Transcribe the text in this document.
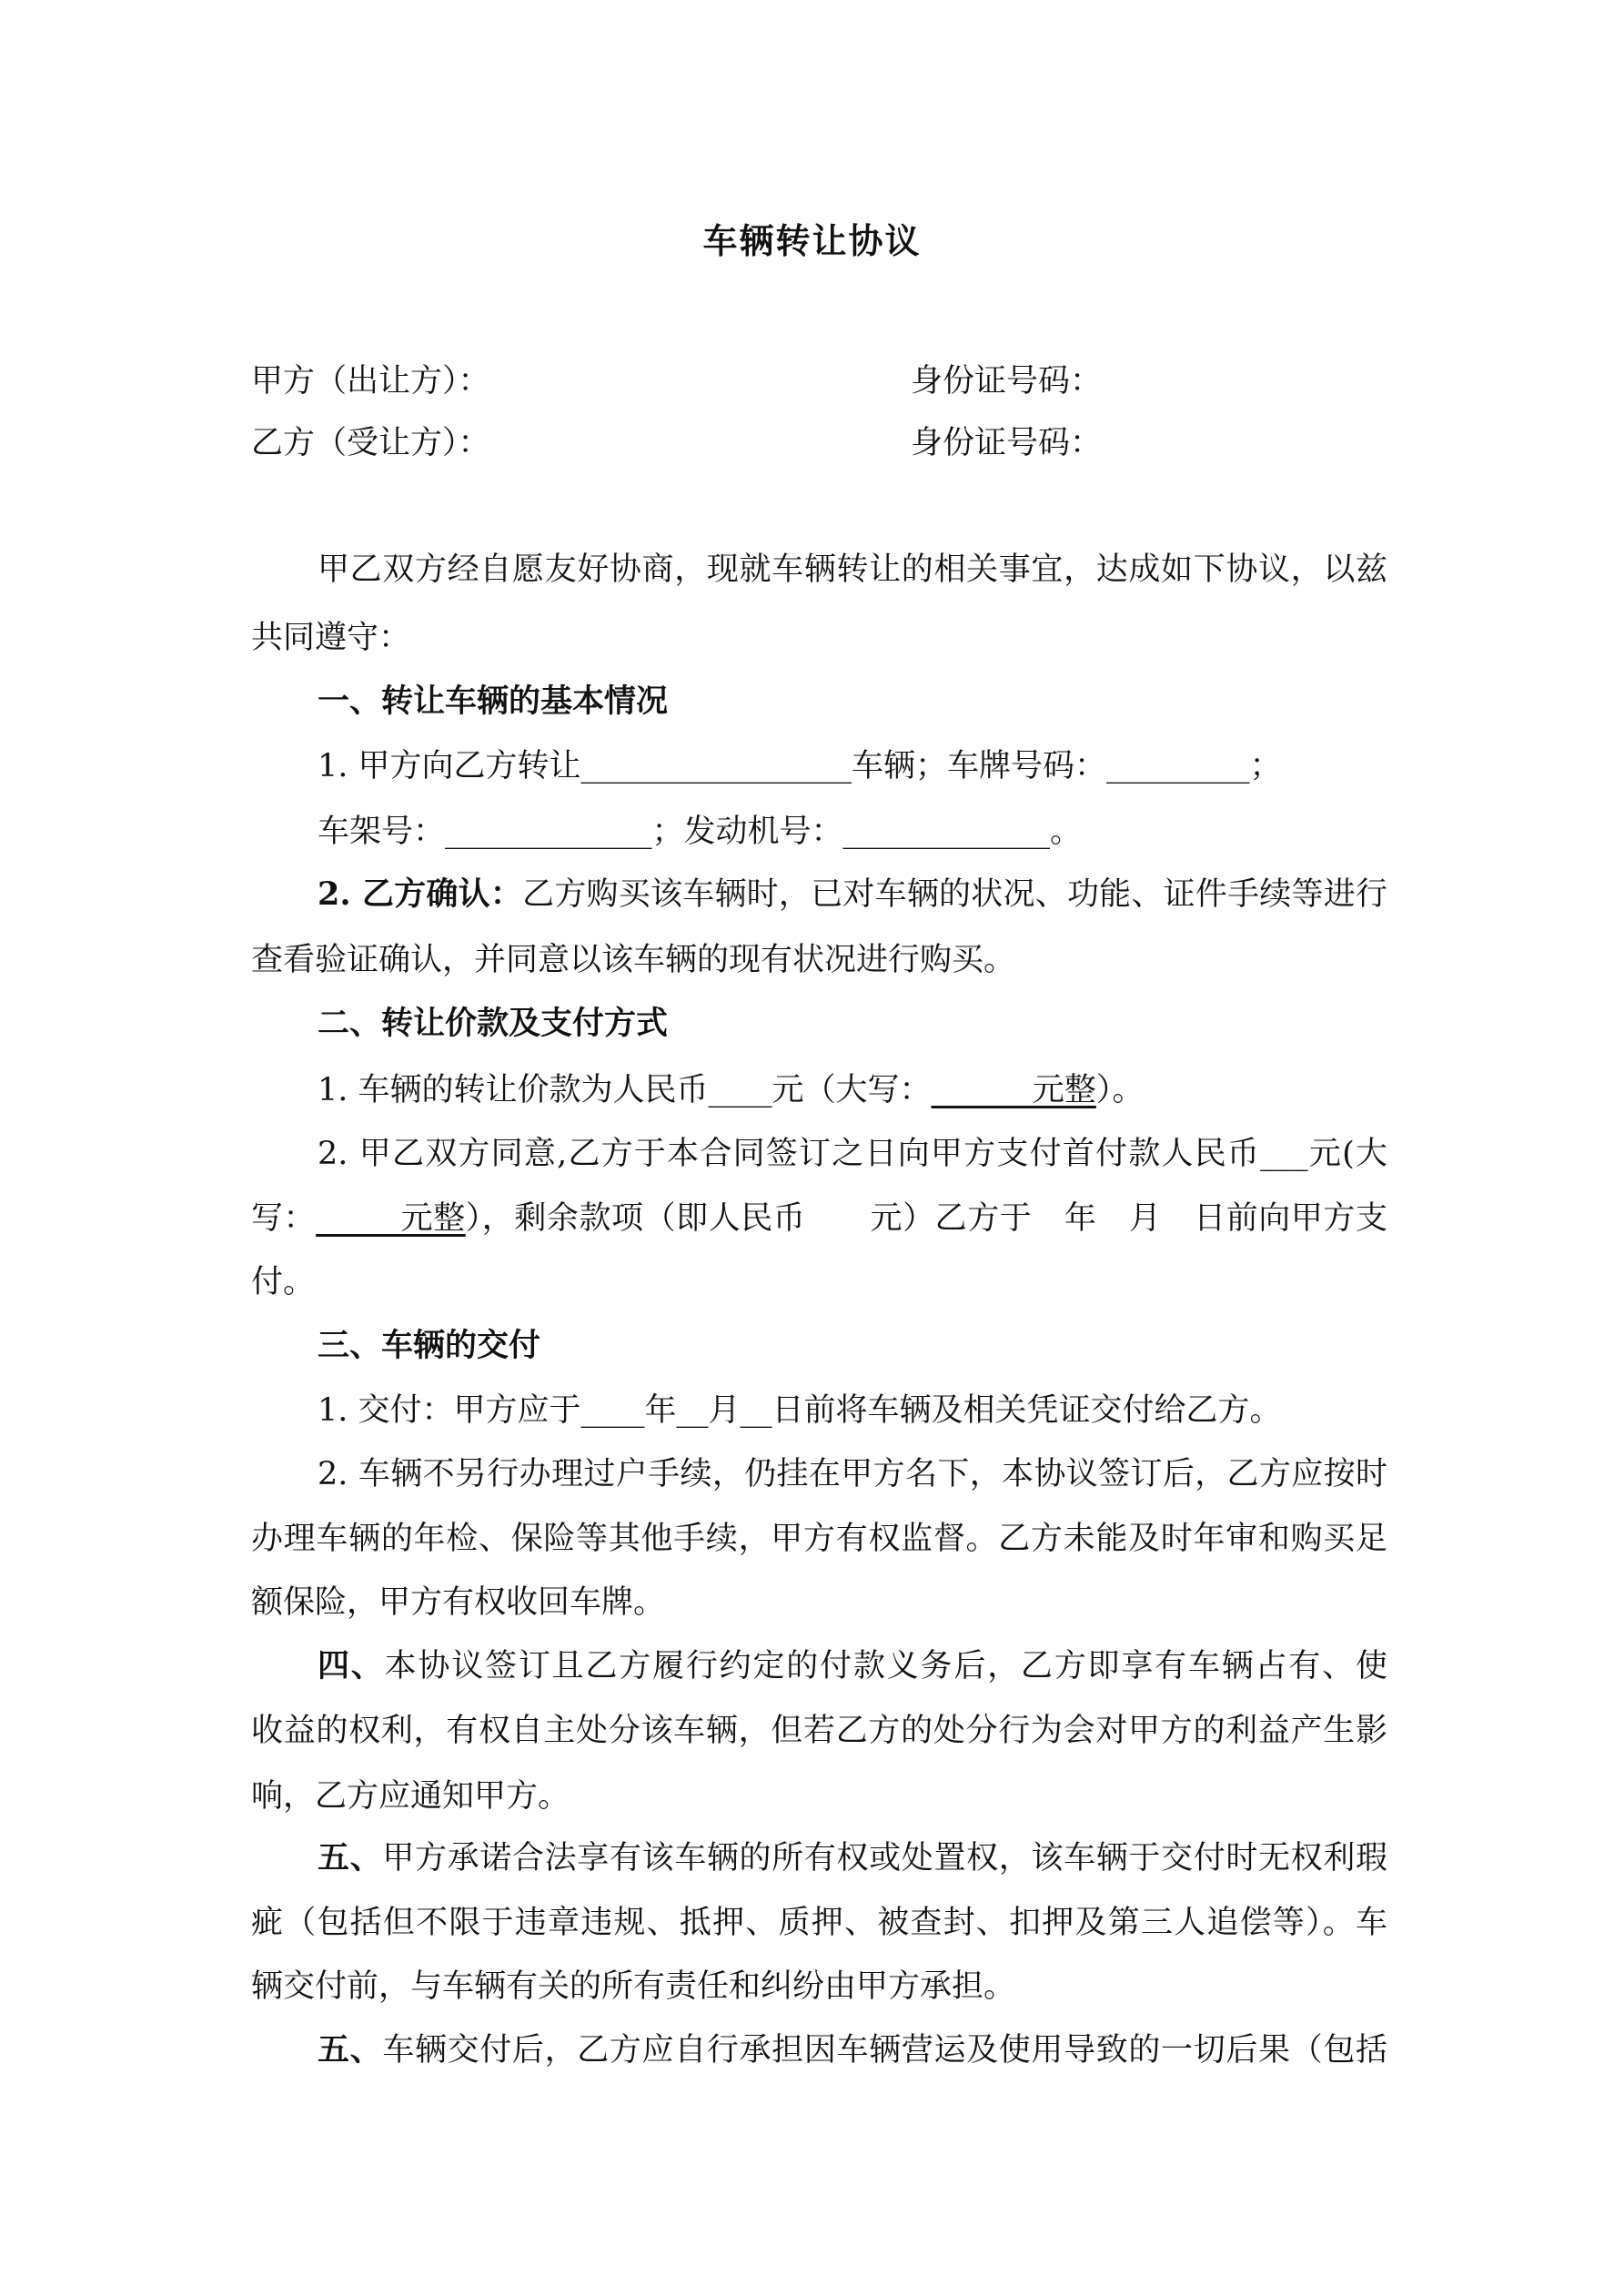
车辆转让协议
甲方（出让方）：	身份证号码：
乙方（受让方）：	身份证号码：
甲乙双方经自愿友好协商，现就车辆转让的相关事宜，达成如下协议，以兹
共同遵守：
一、转让车辆的基本情况
1. 甲方向乙方转让_________________车辆；车牌号码：_________；
车架号：_____________；发动机号：_____________。
2. 乙方确认：乙方购买该车辆时，已对车辆的状况、功能、证件手续等进行
查看验证确认，并同意以该车辆的现有状况进行购买。
二、转让价款及支付方式
1. 车辆的转让价款为人民币____元（大写：          元整）。
2. 甲乙双方同意,乙方于本合同签订之日向甲方支付首付款人民币___元(大
写：        元整），剩余款项（即人民币　　元）乙方于　年　月　日前向甲方支
付。
三、车辆的交付
1. 交付：甲方应于____年__月__日前将车辆及相关凭证交付给乙方。
2. 车辆不另行办理过户手续，仍挂在甲方名下，本协议签订后，乙方应按时
办理车辆的年检、保险等其他手续，甲方有权监督。乙方未能及时年审和购买足
额保险，甲方有权收回车牌。
四、本协议签订且乙方履行约定的付款义务后，乙方即享有车辆占有、使
收益的权利，有权自主处分该车辆，但若乙方的处分行为会对甲方的利益产生影
响，乙方应通知甲方。
五、甲方承诺合法享有该车辆的所有权或处置权，该车辆于交付时无权利瑕
疵（包括但不限于违章违规、抵押、质押、被查封、扣押及第三人追偿等）。车
辆交付前，与车辆有关的所有责任和纠纷由甲方承担。
五、车辆交付后，乙方应自行承担因车辆营运及使用导致的一切后果（包括
